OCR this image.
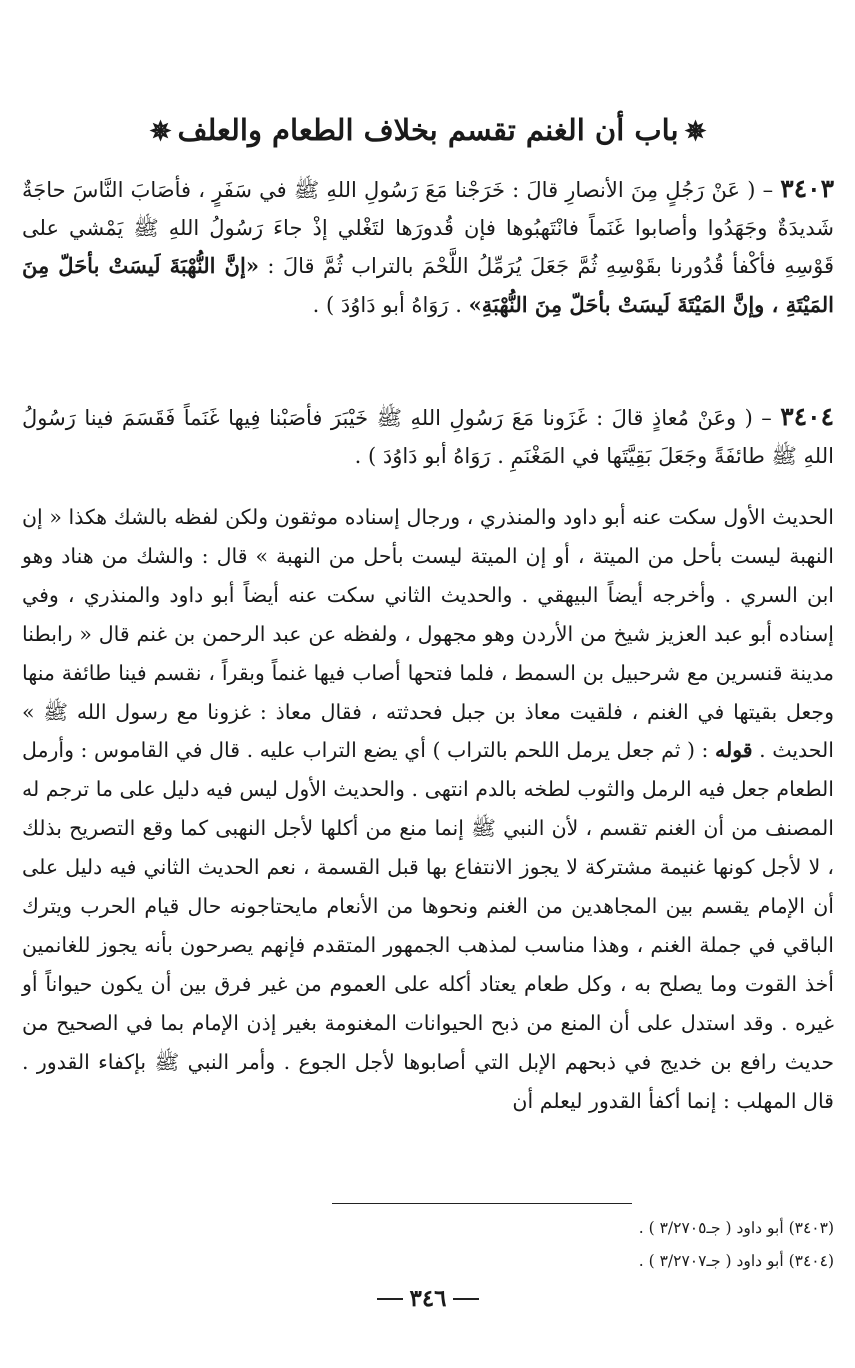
✵باب أن الغنم تقسم بخلاف الطعام والعلف✵
٣٤٠٣ – ( عَنْ رَجُلٍ مِنَ الأنصارِ قالَ : خَرَجْنا مَعَ رَسُولِ اللهِ ﷺ في سَفَرٍ ، فأصَابَ النَّاسَ حاجَةٌ شَديدَةٌ وجَهَدُوا وأصابوا غَنَماً فانْتَهبُوها فإن قُدورَها لتَغْلي إذْ جاءَ رَسُولُ اللهِ ﷺ يَمْشي على قَوْسِهِ فأكْفأ قُدُورنا بقَوْسِهِ ثُمَّ جَعَلَ يُرَمِّلُ اللَّحْمَ بالتراب ثُمَّ قالَ : «إنَّ النُّهْبَةَ لَيسَتْ بأحَلّ مِنَ المَيْتَةِ ، وإنَّ المَيْتَةَ لَيسَتْ بأحَلّ مِنَ النُّهْبَةِ» . رَوَاهُ أبو دَاوُدَ ) .
٣٤٠٤ – ( وعَنْ مُعاذٍ قالَ : غَزَونا مَعَ رَسُولِ اللهِ ﷺ خَيْبَرَ فأصَبْنا فِيها غَنَماً فَقَسَمَ فينا رَسُولُ اللهِ ﷺ طائفَةً وجَعَلَ بَقِيَّتَها في المَغْنَمِ . رَوَاهُ أبو دَاوُدَ ) .
الحديث الأول سكت عنه أبو داود والمنذري ، ورجال إسناده موثقون ولكن لفظه بالشك هكذا « إن النهبة ليست بأحل من الميتة ، أو إن الميتة ليست بأحل من النهبة » قال : والشك من هناد وهو ابن السري . وأخرجه أيضاً البيهقي . والحديث الثاني سكت عنه أيضاً أبو داود والمنذري ، وفي إسناده أبو عبد العزيز شيخ من الأردن وهو مجهول ، ولفظه عن عبد الرحمن بن غنم قال « رابطنا مدينة قنسرين مع شرحبيل بن السمط ، فلما فتحها أصاب فيها غنماً وبقراً ، نقسم فينا طائفة منها وجعل بقيتها في الغنم ، فلقيت معاذ بن جبل فحدثته ، فقال معاذ : غزونا مع رسول الله ﷺ » الحديث . قوله : ( ثم جعل يرمل اللحم بالتراب ) أي يضع التراب عليه . قال في القاموس : وأرمل الطعام جعل فيه الرمل والثوب لطخه بالدم انتهى . والحديث الأول ليس فيه دليل على ما ترجم له المصنف من أن الغنم تقسم ، لأن النبي ﷺ إنما منع من أكلها لأجل النهبى كما وقع التصريح بذلك ، لا لأجل كونها غنيمة مشتركة لا يجوز الانتفاع بها قبل القسمة ، نعم الحديث الثاني فيه دليل على أن الإمام يقسم بين المجاهدين من الغنم ونحوها من الأنعام مايحتاجونه حال قيام الحرب ويترك الباقي في جملة الغنم ، وهذا مناسب لمذهب الجمهور المتقدم فإنهم يصرحون بأنه يجوز للغانمين أخذ القوت وما يصلح به ، وكل طعام يعتاد أكله على العموم من غير فرق بين أن يكون حيواناً أو غيره . وقد استدل على أن المنع من ذبح الحيوانات المغنومة بغير إذن الإمام بما في الصحيح من حديث رافع بن خديج في ذبحهم الإبل التي أصابوها لأجل الجوع . وأمر النبي ﷺ بإكفاء القدور . قال المهلب : إنما أكفأ القدور ليعلم أن
(٣٤٠٣) أبو داود ( جـ٣/٢٧٠٥ ) .
(٣٤٠٤) أبو داود ( جـ٣/٢٧٠٧ ) .
٣٤٦
